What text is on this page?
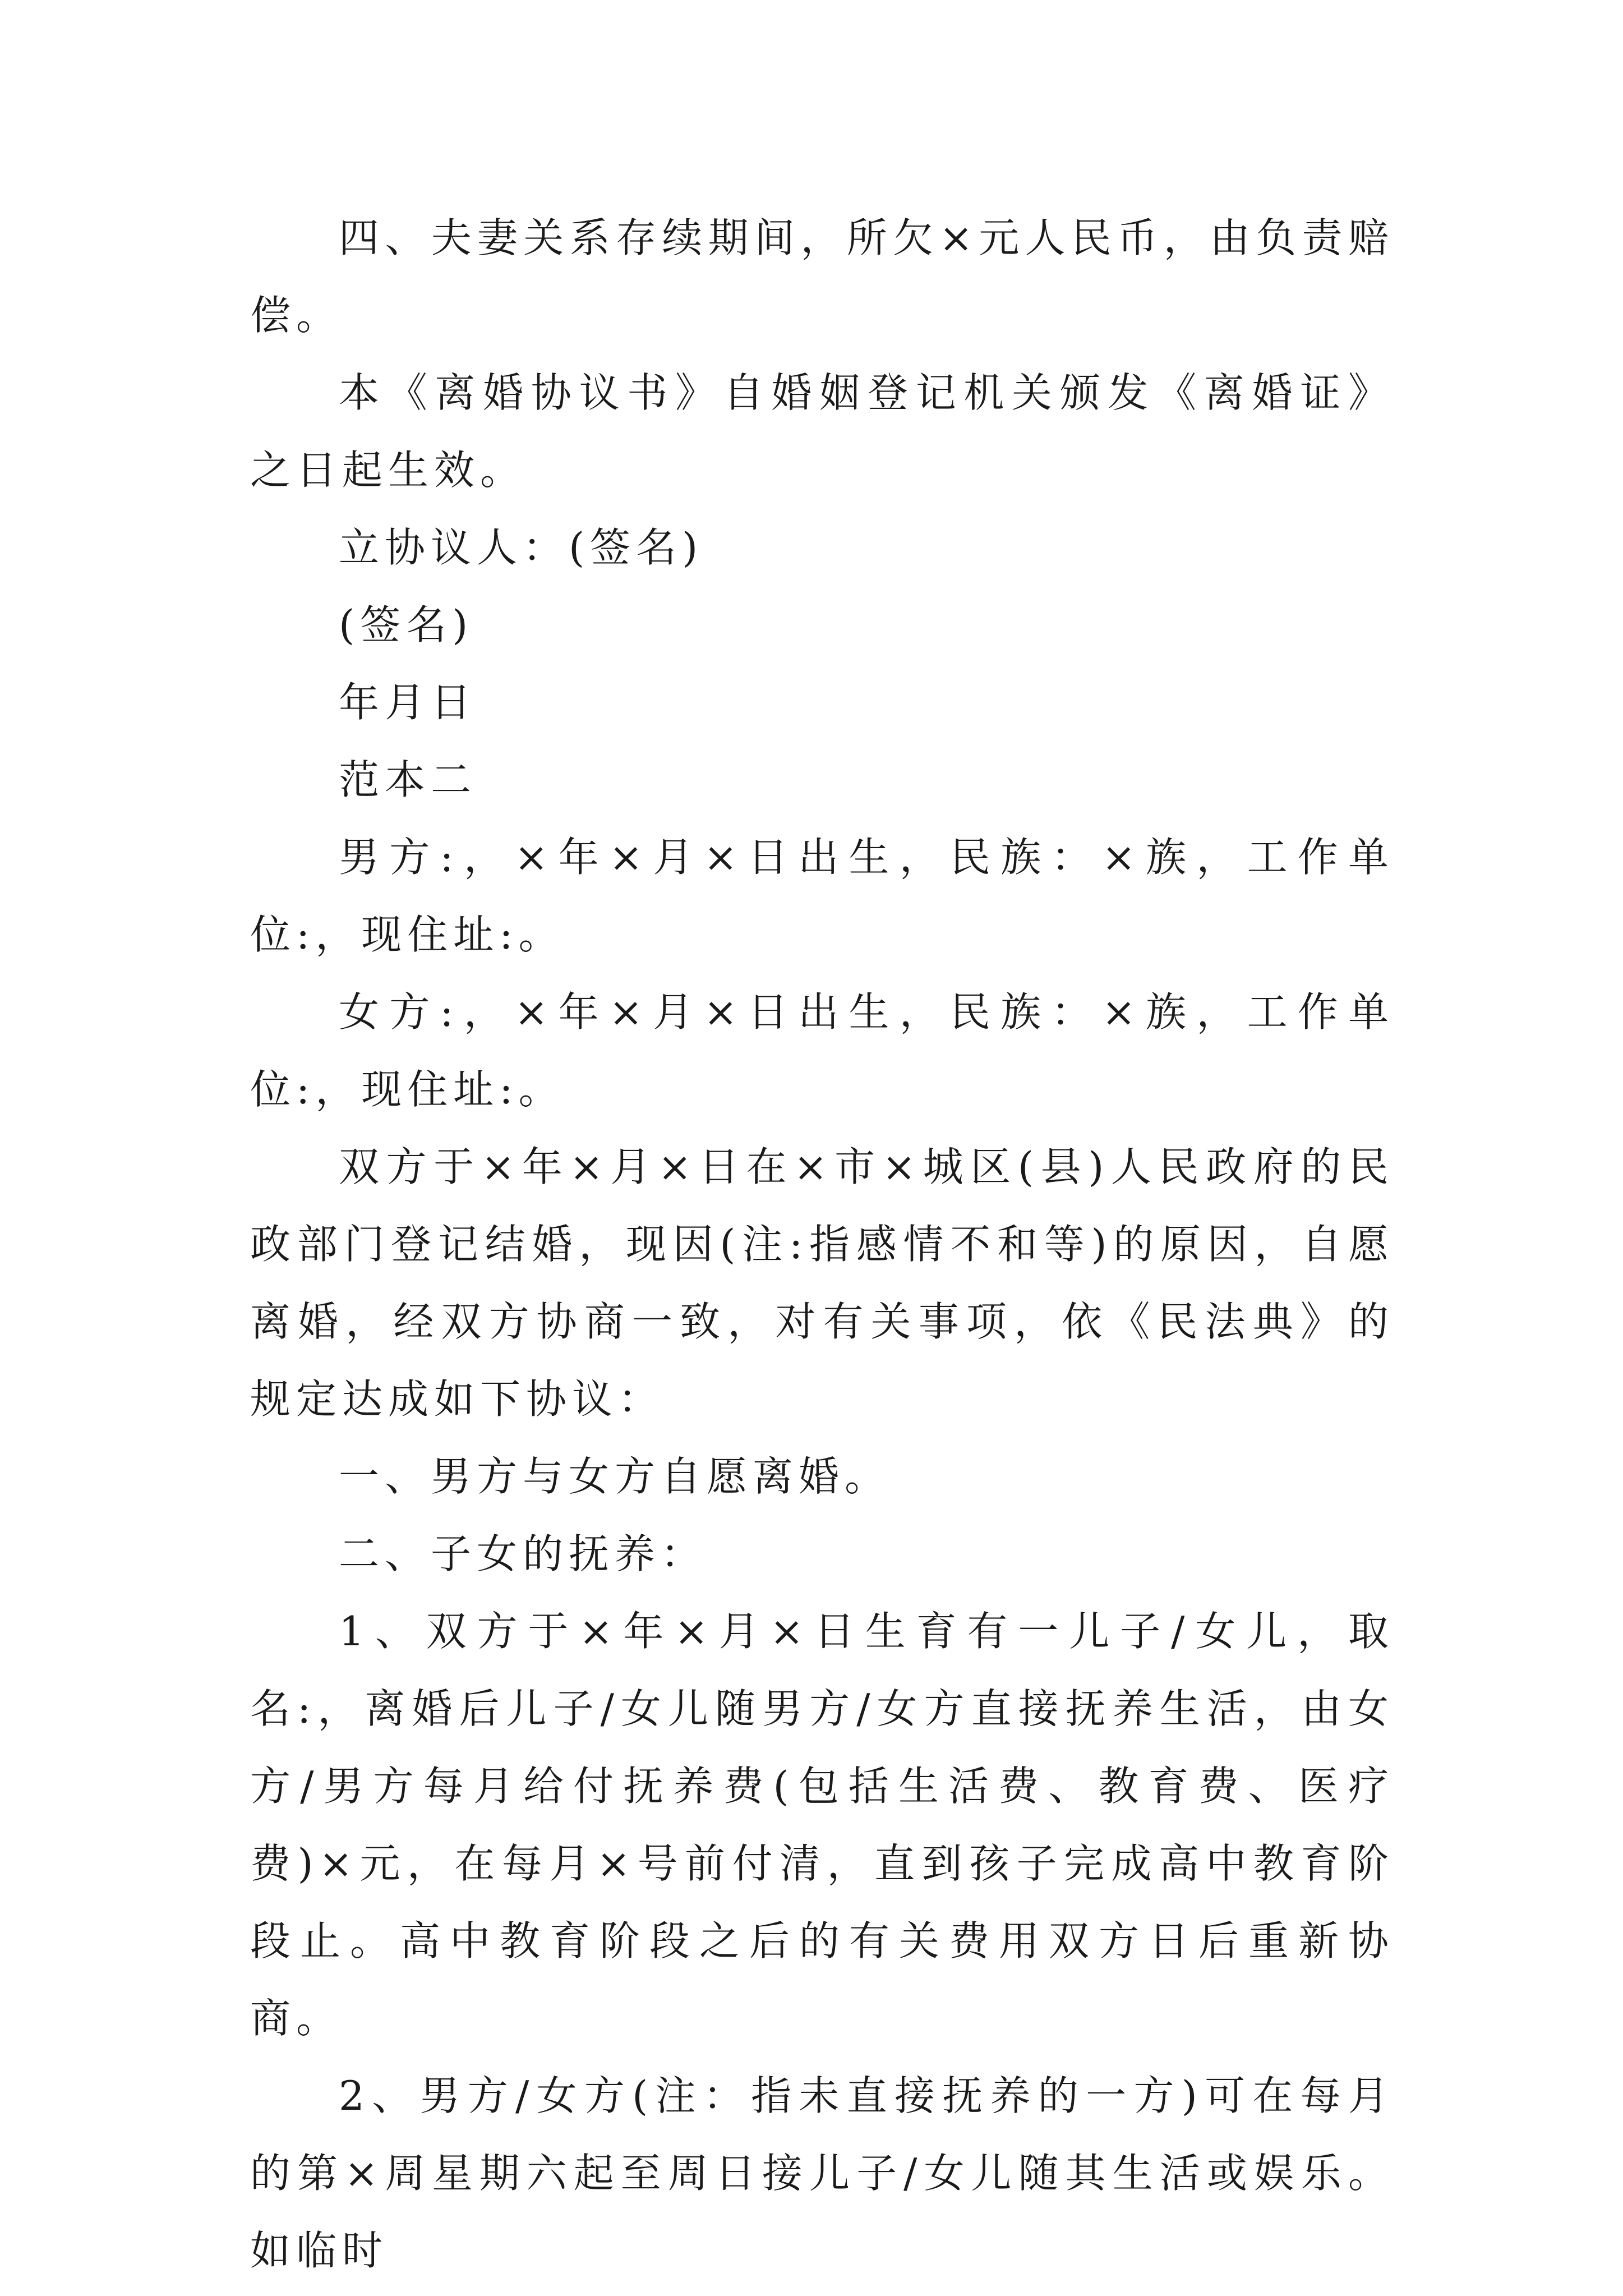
四、夫妻关系存续期间，所欠×元人民币，由负责赔偿。

本《离婚协议书》自婚姻登记机关颁发《离婚证》之日起生效。

立协议人：(签名)

(签名)

年月日

范本二

男方:，×年×月×日出生，民族：×族，工作单位:，现住址:。

女方:，×年×月×日出生，民族：×族，工作单位:，现住址:。

双方于×年×月×日在×市×城区(县)人民政府的民政部门登记结婚，现因(注:指感情不和等)的原因，自愿离婚，经双方协商一致，对有关事项，依《民法典》的规定达成如下协议：

一、男方与女方自愿离婚。

二、子女的抚养：

1、双方于×年×月×日生育有一儿子/女儿，取名:，离婚后儿子/女儿随男方/女方直接抚养生活，由女方/男方每月给付抚养费(包括生活费、教育费、医疗费)×元，在每月×号前付清，直到孩子完成高中教育阶段止。高中教育阶段之后的有关费用双方日后重新协商。

2、男方/女方(注：指未直接抚养的一方)可在每月的第×周星期六起至周日接儿子/女儿随其生活或娱乐。如临时
